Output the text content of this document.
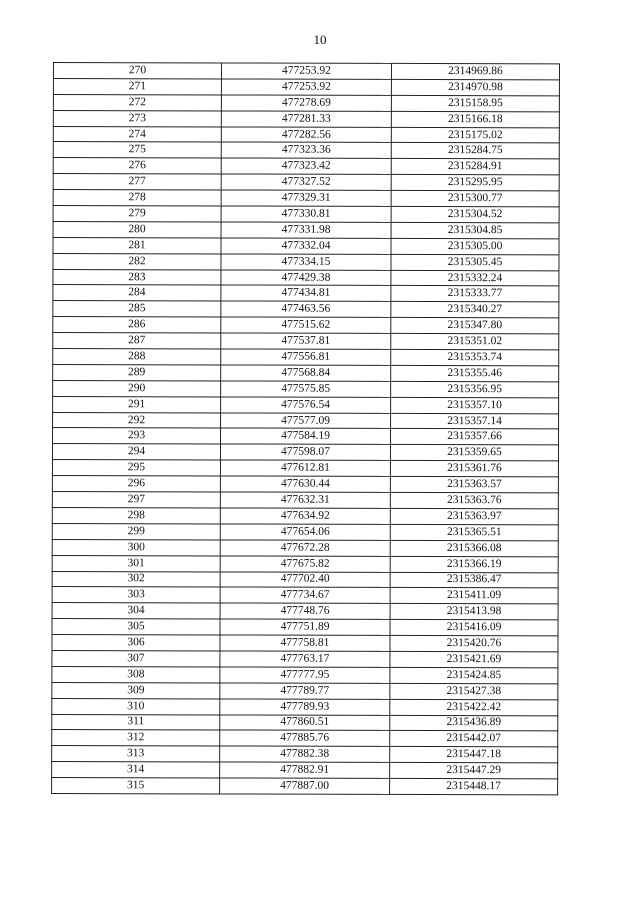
10
270	477253.92	2314969.86
271	477253.92	2314970.98
272	477278.69	2315158.95
273	477281.33	2315166.18
274	477282.56	2315175.02
275	477323.36	2315284.75
276	477323.42	2315284.91
277	477327.52	2315295.95
278	477329.31	2315300.77
279	477330.81	2315304.52
280	477331.98	2315304.85
281	477332.04	2315305.00
282	477334.15	2315305.45
283	477429.38	2315332.24
284	477434.81	2315333.77
285	477463.56	2315340.27
286	477515.62	2315347.80
287	477537.81	2315351.02
288	477556.81	2315353.74
289	477568.84	2315355.46
290	477575.85	2315356.95
291	477576.54	2315357.10
292	477577.09	2315357.14
293	477584.19	2315357.66
294	477598.07	2315359.65
295	477612.81	2315361.76
296	477630.44	2315363.57
297	477632.31	2315363.76
298	477634.92	2315363.97
299	477654.06	2315365.51
300	477672.28	2315366.08
301	477675.82	2315366.19
302	477702.40	2315386.47
303	477734.67	2315411.09
304	477748.76	2315413.98
305	477751.89	2315416.09
306	477758.81	2315420.76
307	477763.17	2315421.69
308	477777.95	2315424.85
309	477789.77	2315427.38
310	477789.93	2315422.42
311	477860.51	2315436.89
312	477885.76	2315442.07
313	477882.38	2315447.18
314	477882.91	2315447.29
315	477887.00	2315448.17
